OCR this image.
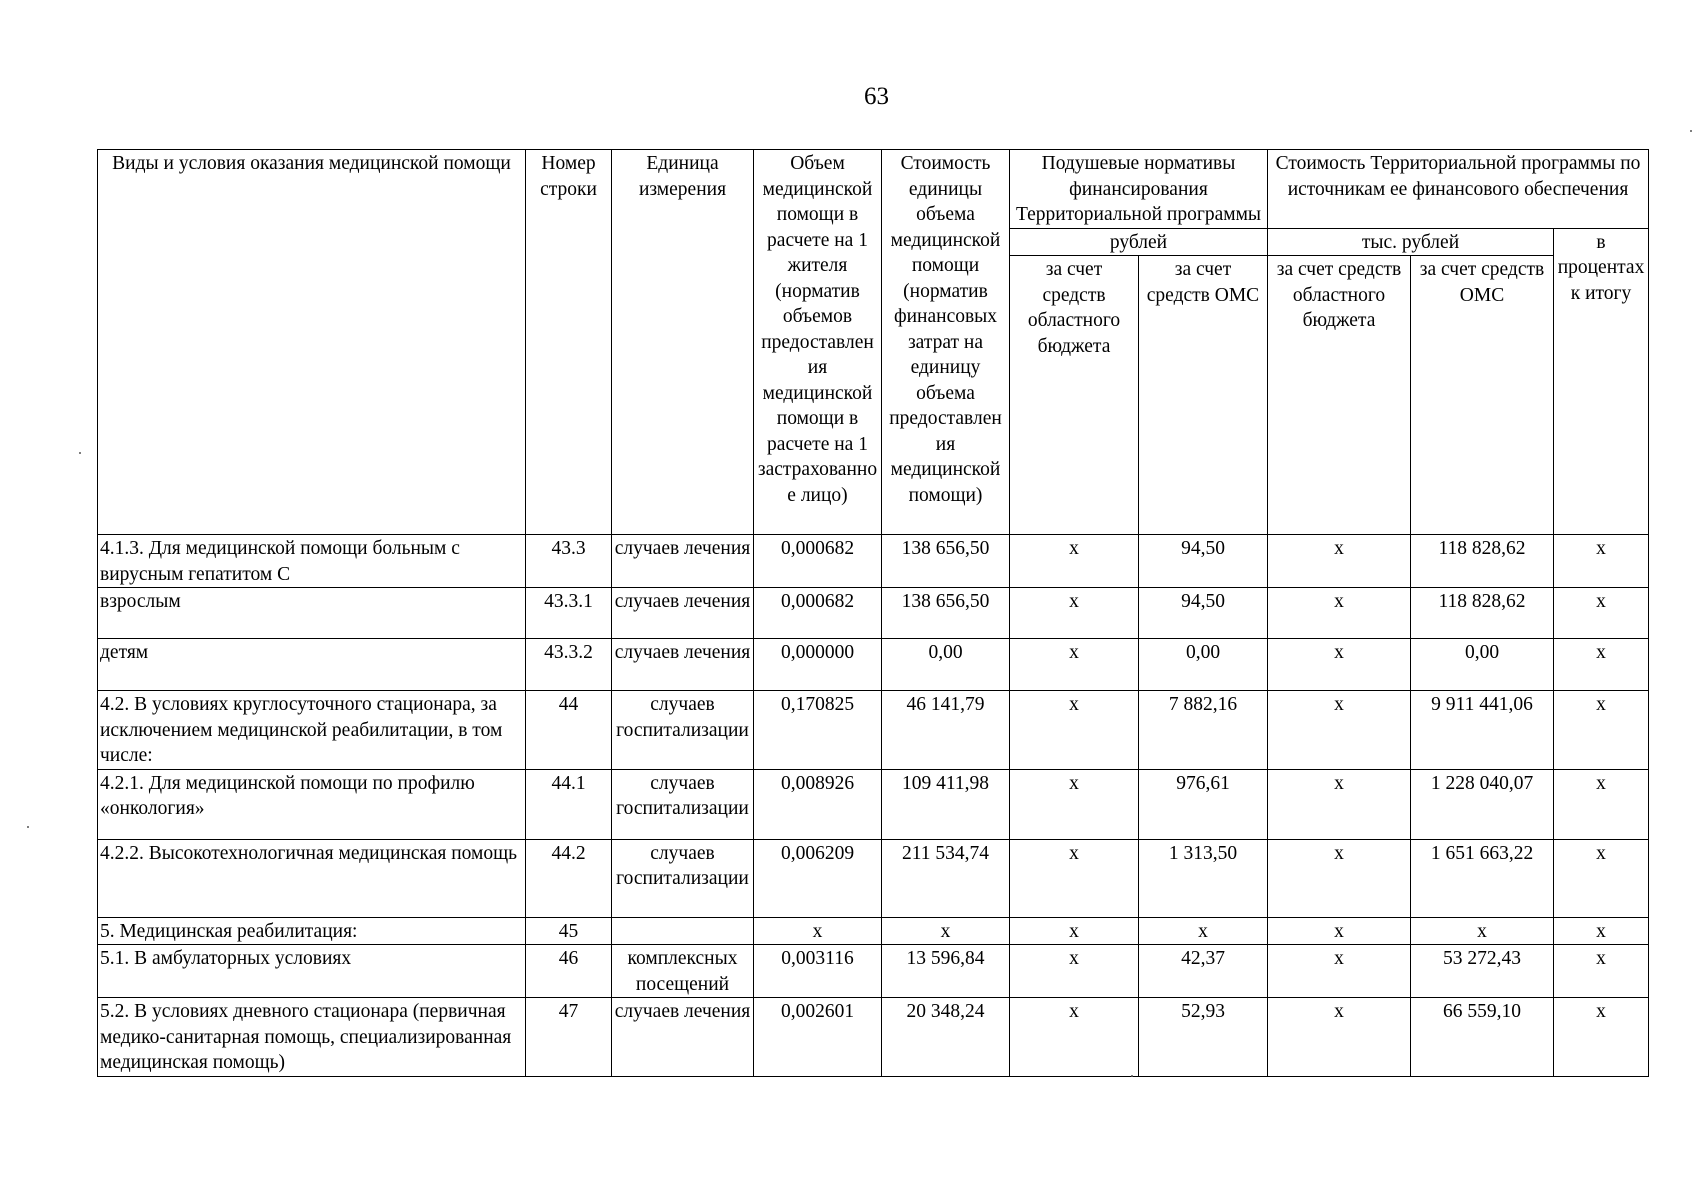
63
Виды и условия оказания медицинской помощи	Номер строки	Единица измерения	Объем медицинской помощи в расчете на 1 жителя (норматив объемов предоставления медицинской помощи в расчете на 1 застрахованное лицо)	Стоимость единицы объема медицинской помощи (норматив финансовых затрат на единицу объема предоставления медицинской помощи)	Подушевые нормативы финансирования Территориальной программы		Стоимость Территориальной программы по источникам ее финансового обеспечения		
					рублей		тыс. рублей		в процентах к итогу
					за счет средств областного бюджета	за счет средств ОМС	за счет средств областного бюджета	за счет средств ОМС	
4.1.3. Для медицинской помощи больным с вирусным гепатитом С	43.3	случаев лечения	0,000682	138 656,50	х	94,50	х	118 828,62	х
взрослым	43.3.1	случаев лечения	0,000682	138 656,50	х	94,50	х	118 828,62	х
детям	43.3.2	случаев лечения	0,000000	0,00	х	0,00	х	0,00	х
4.2. В условиях круглосуточного стационара, за исключением медицинской реабилитации, в том числе:	44	случаев госпитализации	0,170825	46 141,79	х	7 882,16	х	9 911 441,06	х
4.2.1. Для медицинской помощи по профилю «онкология»	44.1	случаев госпитализации	0,008926	109 411,98	х	976,61	х	1 228 040,07	х
4.2.2. Высокотехнологичная медицинская помощь	44.2	случаев госпитализации	0,006209	211 534,74	х	1 313,50	х	1 651 663,22	х
5. Медицинская реабилитация:	45		х	х	х	х	х	х	х
5.1. В амбулаторных условиях	46	комплексных посещений	0,003116	13 596,84	х	42,37	х	53 272,43	х
5.2. В условиях дневного стационара (первичная медико-санитарная помощь, специализированная медицинская помощь)	47	случаев лечения	0,002601	20 348,24	х	52,93	х	66 559,10	х
